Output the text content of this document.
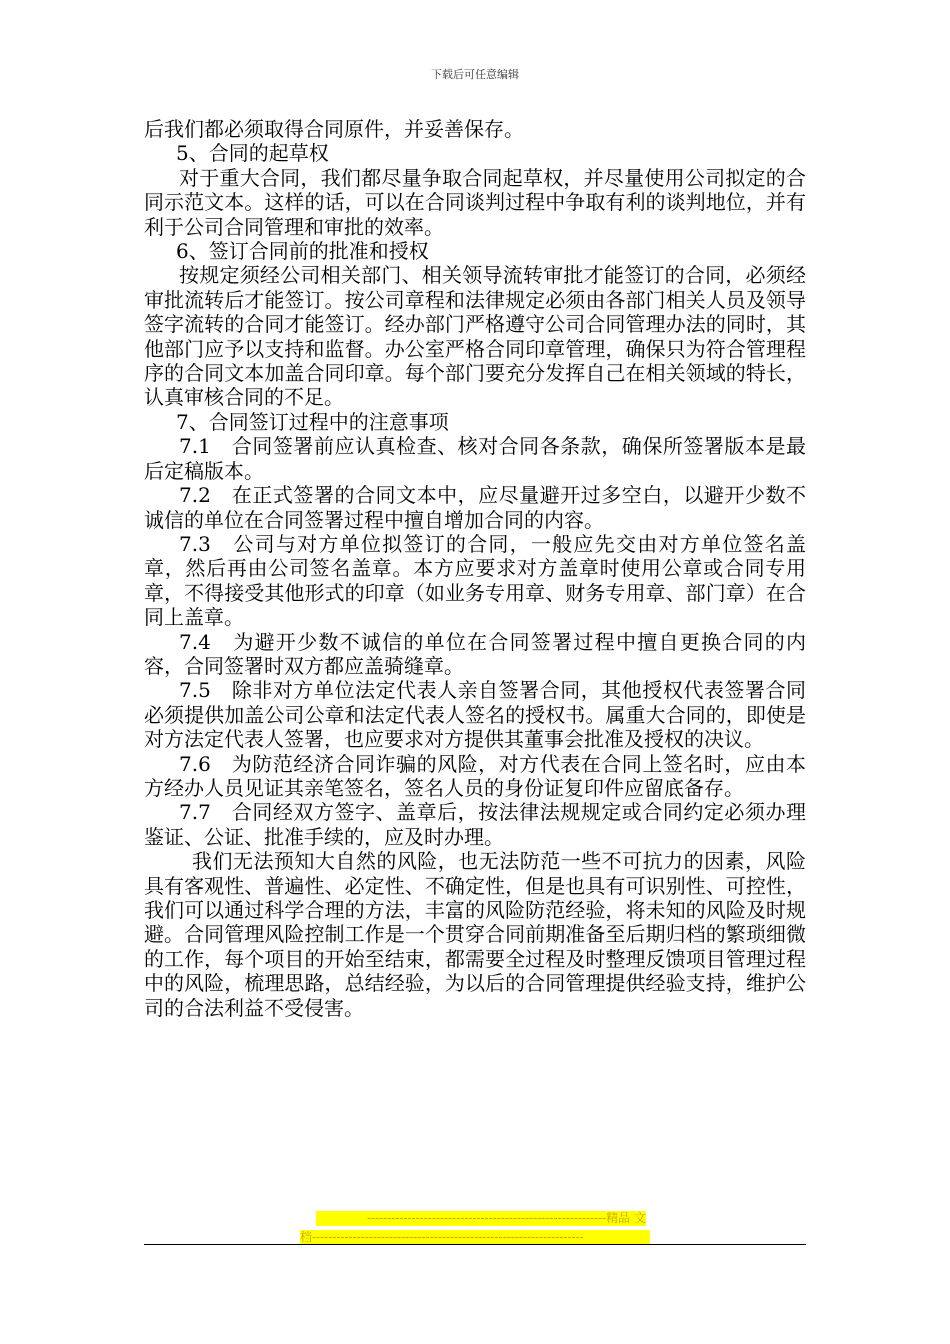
下载后可任意编辑

后我们都必须取得合同原件，并妥善保存。

5、合同的起草权

对于重大合同，我们都尽量争取合同起草权，并尽量使用公司拟定的合同示范文本。这样的话，可以在合同谈判过程中争取有利的谈判地位，并有利于公司合同管理和审批的效率。

6、签订合同前的批准和授权

按规定须经公司相关部门、相关领导流转审批才能签订的合同，必须经审批流转后才能签订。按公司章程和法律规定必须由各部门相关人员及领导签字流转的合同才能签订。经办部门严格遵守公司合同管理办法的同时，其他部门应予以支持和监督。办公室严格合同印章管理，确保只为符合管理程序的合同文本加盖合同印章。每个部门要充分发挥自己在相关领域的特长，认真审核合同的不足。

7、合同签订过程中的注意事项

7.1　合同签署前应认真检查、核对合同各条款，确保所签署版本是最后定稿版本。

7.2　在正式签署的合同文本中，应尽量避开过多空白，以避开少数不诚信的单位在合同签署过程中擅自增加合同的内容。

7.3　公司与对方单位拟签订的合同，一般应先交由对方单位签名盖章，然后再由公司签名盖章。本方应要求对方盖章时使用公章或合同专用章，不得接受其他形式的印章（如业务专用章、财务专用章、部门章）在合同上盖章。

7.4　为避开少数不诚信的单位在合同签署过程中擅自更换合同的内容，合同签署时双方都应盖骑缝章。

7.5　除非对方单位法定代表人亲自签署合同，其他授权代表签署合同必须提供加盖公司公章和法定代表人签名的授权书。属重大合同的，即使是对方法定代表人签署，也应要求对方提供其董事会批准及授权的决议。

7.6　为防范经济合同诈骗的风险，对方代表在合同上签名时，应由本方经办人员见证其亲笔签名，签名人员的身份证复印件应留底备存。

7.7　合同经双方签字、盖章后，按法律法规规定或合同约定必须办理鉴证、公证、批准手续的，应及时办理。

我们无法预知大自然的风险，也无法防范一些不可抗力的因素，风险具有客观性、普遍性、必定性、不确定性，但是也具有可识别性、可控性，我们可以通过科学合理的方法，丰富的风险防范经验，将未知的风险及时规避。合同管理风险控制工作是一个贯穿合同前期准备至后期归档的繁琐细微的工作，每个项目的开始至结束，都需要全过程及时整理反馈项目管理过程中的风险，梳理思路，总结经验，为以后的合同管理提供经验支持，维护公司的合法利益不受侵害。

-----------------------------------------------------------精品 文
档-------------------------------------------------------------------
